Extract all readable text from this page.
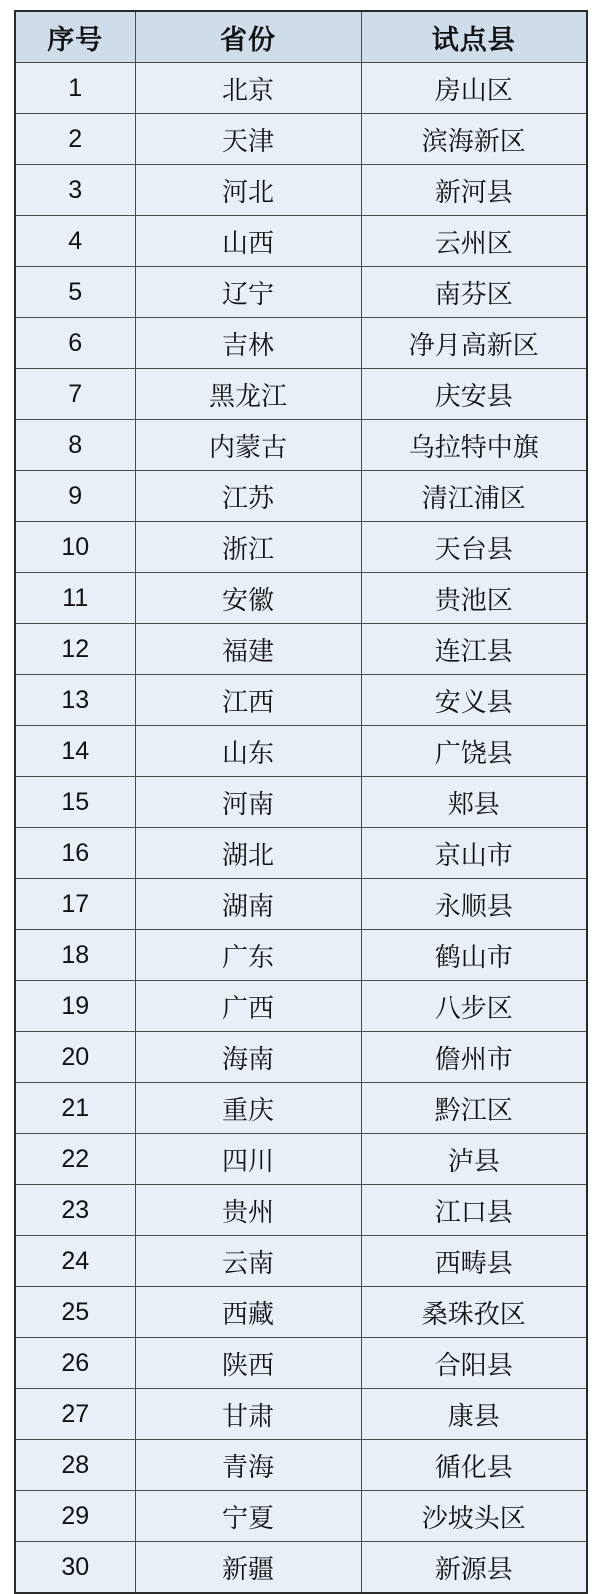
序号	省份	试点县
1	北京	房山区
2	天津	滨海新区
3	河北	新河县
4	山西	云州区
5	辽宁	南芬区
6	吉林	净月高新区
7	黑龙江	庆安县
8	内蒙古	乌拉特中旗
9	江苏	清江浦区
10	浙江	天台县
11	安徽	贵池区
12	福建	连江县
13	江西	安义县
14	山东	广饶县
15	河南	郏县
16	湖北	京山市
17	湖南	永顺县
18	广东	鹤山市
19	广西	八步区
20	海南	儋州市
21	重庆	黔江区
22	四川	泸县
23	贵州	江口县
24	云南	西畴县
25	西藏	桑珠孜区
26	陕西	合阳县
27	甘肃	康县
28	青海	循化县
29	宁夏	沙坡头区
30	新疆	新源县
